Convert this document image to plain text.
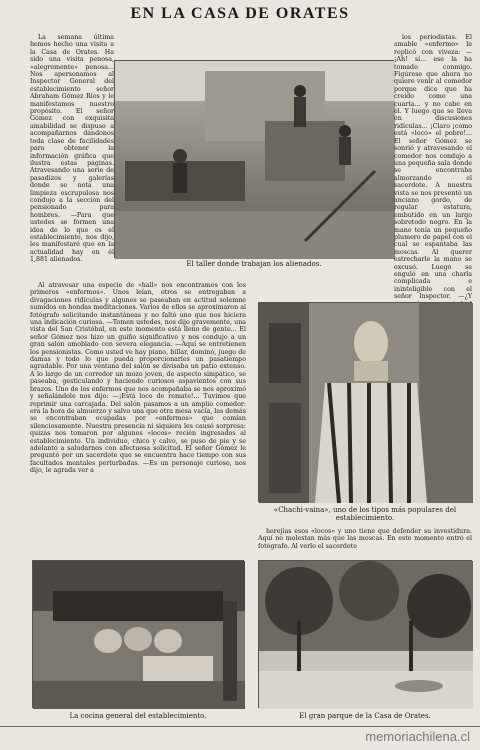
EN LA CASA DE ORATES

La semana última hemos hecho una visita a la Casa de Orates. Ha sido una visita penosa, «alegremente» penosa... Nos apersonamos al Inspector General del establecimiento señor Abraham Gómez Ríos y le manifestamos nuestro propósito. El señor Gómez con exquisita amabilidad se dispuso a acompañarnos dándonos toda clase de facilidades para obtener la información gráfica que ilustra estas páginas. Atravesando una serie de pasadizos y galerías donde se nota una limpieza escrupulosa nos condujo a la sección del pensionado para hombres. —Para que ustedes se formen una idea de lo que es el establecimiento, nos dijo, les manifestaré que en la actualidad hay en él 1,881 alienados.

los periodistas. El amable «enfermo» le replicó con viveza: —¡Ah! sí... ese la ha tomado conmigo. Figúrese que ahora no quiere venir al comedor porque dice que ha creído como una cuarta... y no cabe en él. Y luego que se lleva en discusiones ridículas... ¡Claro ¡como está «loco» el pobre!... El señor Gómez se sonrió y atravesando el comedor nos condujo a una pequeña sala donde se encontraba almorzando el sacerdote. A nuestra vista se nos presentó un anciano gordo, de regular estatura, embutido en un largo sobretodo negro. En la mano tenía un pequeño plumero de papel con el cual se espantaba las moscas. Al querer estrecharle la mano se excusó. Luego se enguló en una charla complicada e ininteligible con el señor Inspector. —¿Y

El taller donde trabajan los alienados.

Al atravesar una especie de «hall» nos encontramos con los primeros «enfermos». Unos leían, otros se entregaban a divagaciones ridículas y algunos se paseaban en actitud solemne sumidos en hondas meditaciones. Varios de ellos se aproximaron al fotógrafo solicitando instantáneas y no faltó uno que nos hiciera una indicación curiosa. —Tomen ustedes, nos dijo gravemente, una vista del San Cristóbal, en este momento está lleno de gente... El señor Gómez nos hizo un guiño significativo y nos condujo a un gran salón amoblado con severa elegancia. —Aquí se entretienen los pensionistas. Como usted ve hay piano, billar, dominó, juego de damas y todo lo que pueda proporcionarles un pasatiempo agradable. Por una ventana del salón se divisaba un patio extenso. A lo largo de un corredor un mozo joven, de aspecto simpático, se paseaba, gesticulando y haciendo curiosos aspavientos con sus brazos. Uno de los enfermos que nos acompañaba se nos aproximó y señalándole nos dijo: —¡Está loco de remate!... Tuvimos que reprimir una carcajada. Del salón pasamos a un amplio comedor: era la hora de almuerzo y salvo una que otra mesa vacía, las demás se encontraban ocupadas por «enfermos» que comían silenciosamente. Nuestra presencia ni siquiera les causó sorpresa: quizás nos tomaron por algunos «locos» recién ingresados al establecimiento. Un individuo, chico y calvo, se puso de pie y se adelantó a saludarnos con afectuosa solicitud. El señor Gómez le preguntó por un sacerdote que se encuentra hace tiempo con sus facultades mentales perturbadas. —Es un personaje curioso, nos dijo, le agrada ver a

«Chachi-vaina», uno de los tipos más populares del establecimiento.

herejías esos «locos» y uno tiene que defender su investidura. Aquí no molestan más que las moscas. En este momento entró el fotógrafo. Al verlo el sacerdote

La cocina general del establecimiento.	El gran parque de la Casa de Orates.
memoriachilena.cl
